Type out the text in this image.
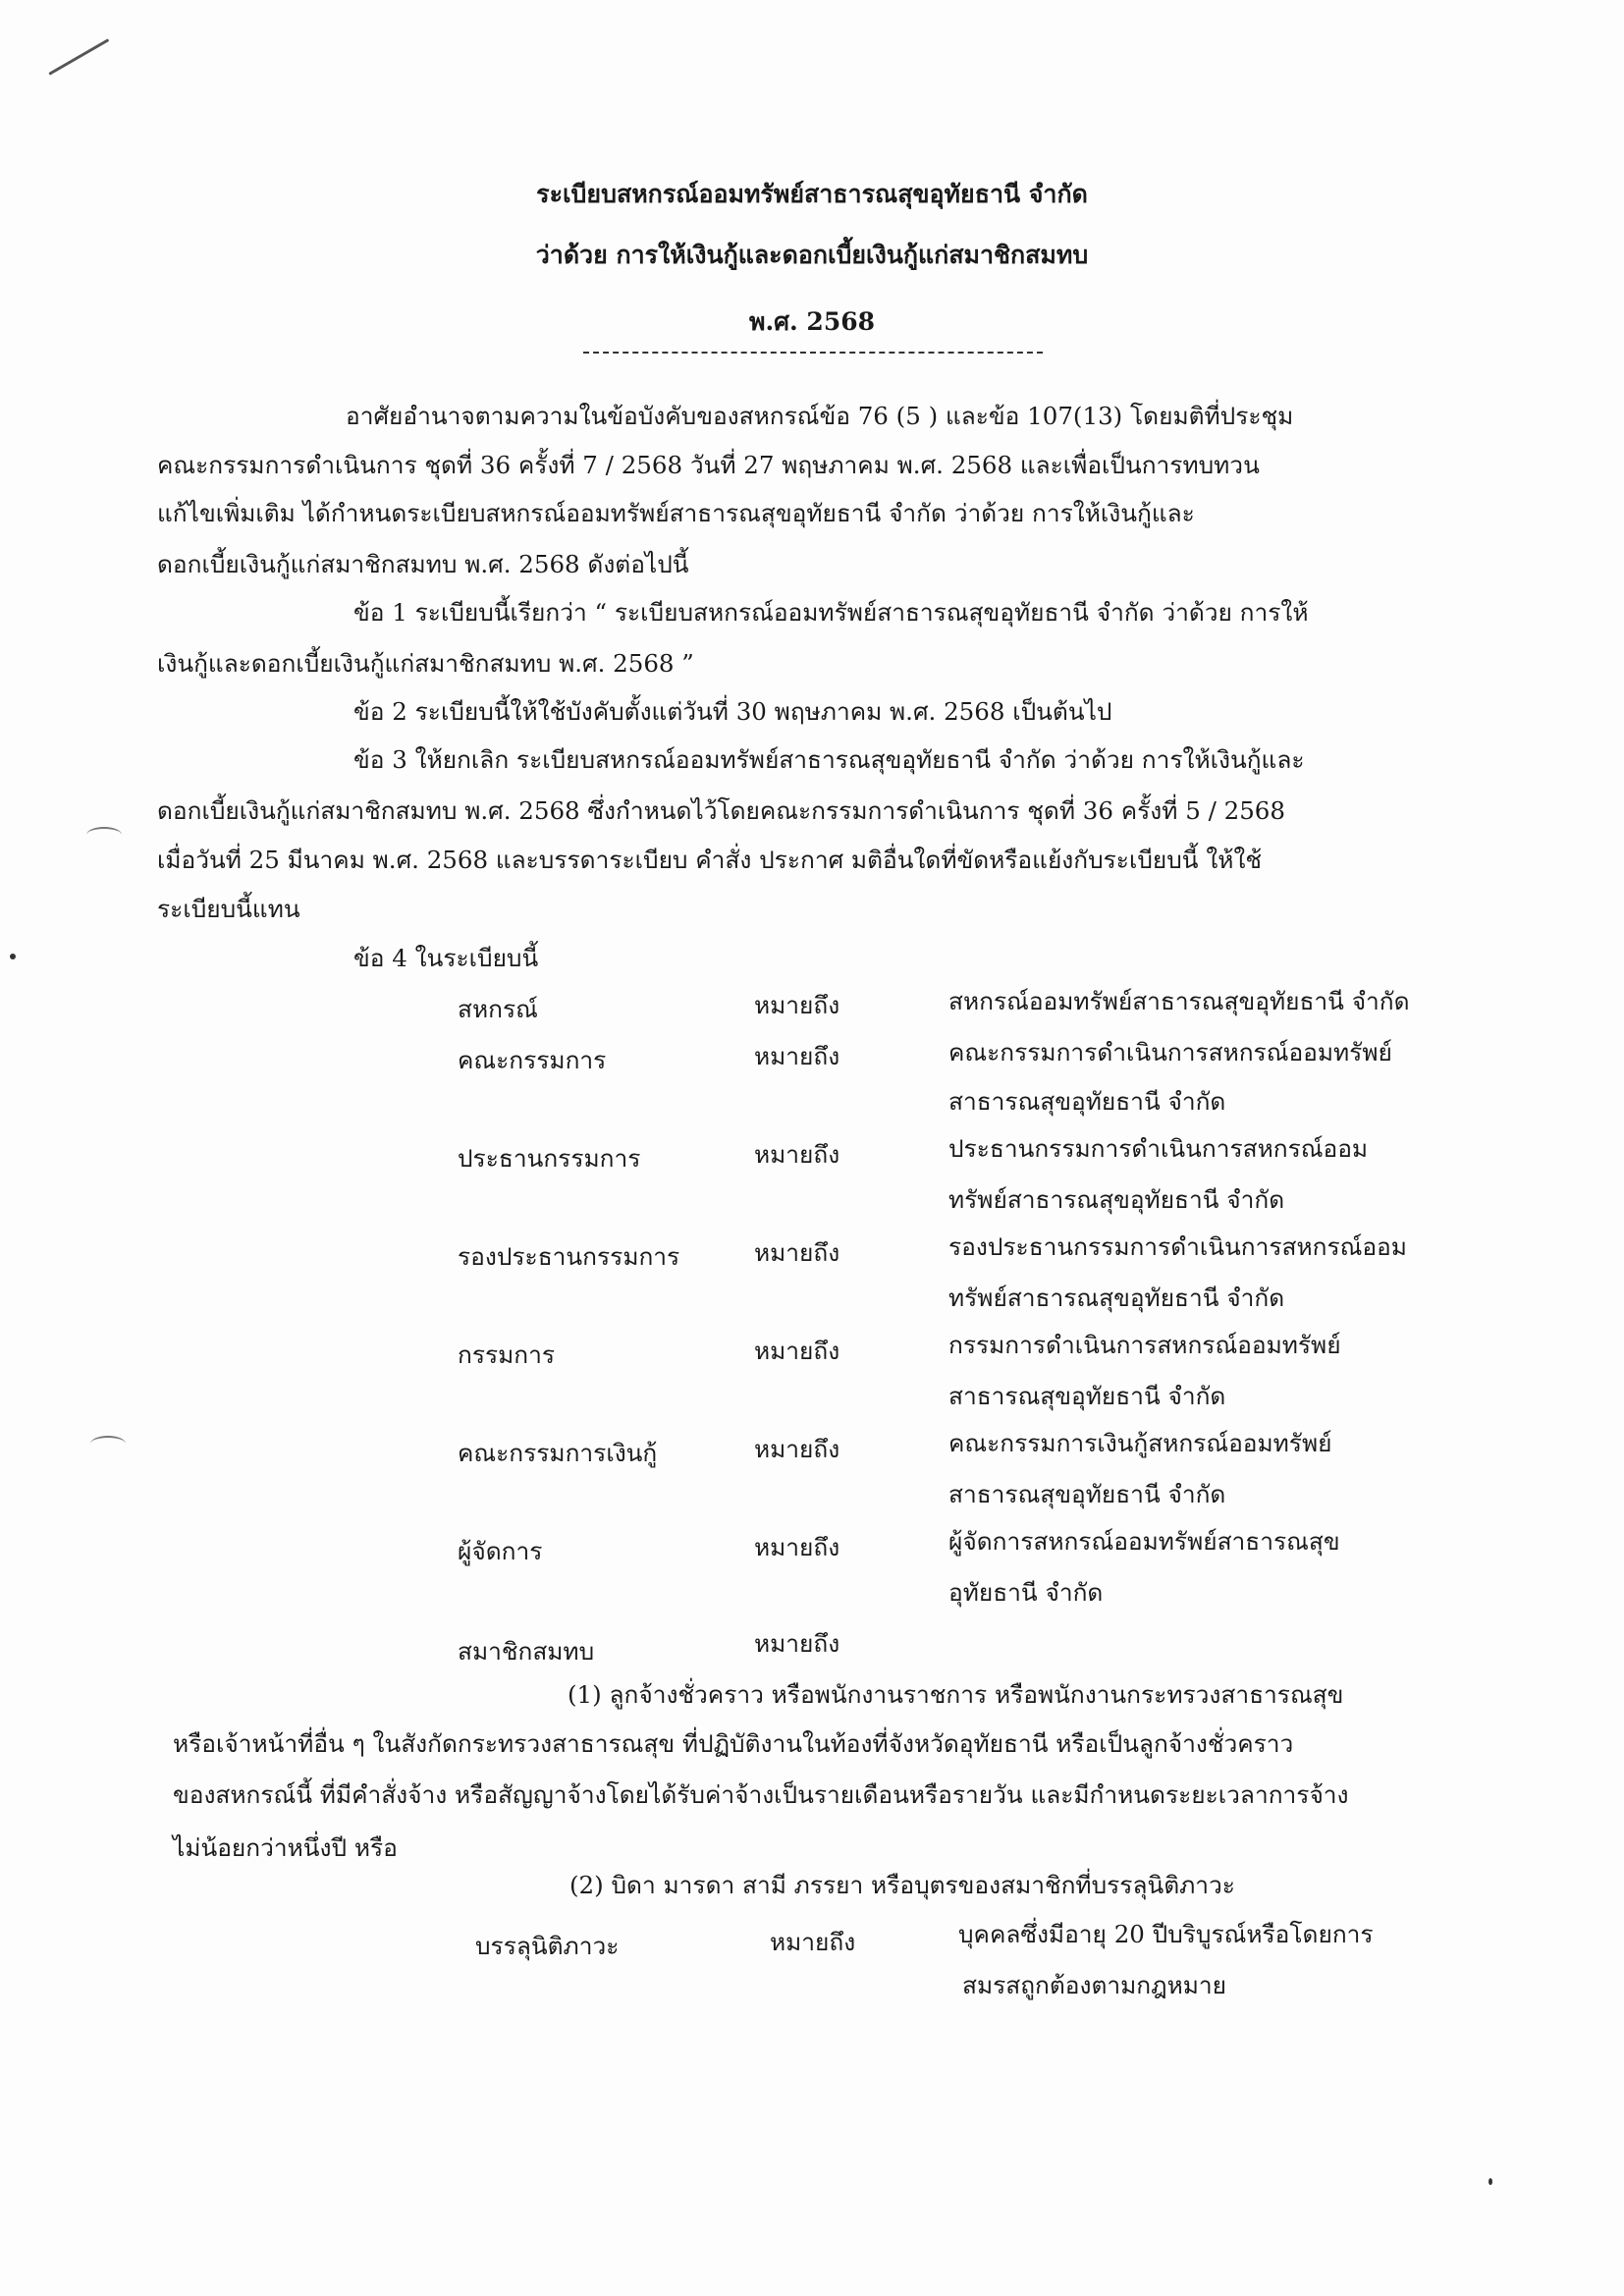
ระเบียบสหกรณ์ออมทรัพย์สาธารณสุขอุทัยธานี จำกัด
ว่าด้วย การให้เงินกู้และดอกเบี้ยเงินกู้แก่สมาชิกสมทบ
พ.ศ. 2568
อาศัยอำนาจตามความในข้อบังคับของสหกรณ์ข้อ 76 (5 ) และข้อ 107(13) โดยมติที่ประชุม
คณะกรรมการดำเนินการ ชุดที่ 36 ครั้งที่ 7 / 2568 วันที่ 27 พฤษภาคม พ.ศ. 2568 และเพื่อเป็นการทบทวน
แก้ไขเพิ่มเติม ได้กำหนดระเบียบสหกรณ์ออมทรัพย์สาธารณสุขอุทัยธานี จำกัด ว่าด้วย การให้เงินกู้และ
ดอกเบี้ยเงินกู้แก่สมาชิกสมทบ พ.ศ. 2568 ดังต่อไปนี้
ข้อ 1 ระเบียบนี้เรียกว่า “ ระเบียบสหกรณ์ออมทรัพย์สาธารณสุขอุทัยธานี จำกัด ว่าด้วย การให้
เงินกู้และดอกเบี้ยเงินกู้แก่สมาชิกสมทบ พ.ศ. 2568 ”
ข้อ 2 ระเบียบนี้ให้ใช้บังคับตั้งแต่วันที่ 30 พฤษภาคม พ.ศ. 2568 เป็นต้นไป
ข้อ 3 ให้ยกเลิก ระเบียบสหกรณ์ออมทรัพย์สาธารณสุขอุทัยธานี จำกัด ว่าด้วย การให้เงินกู้และ
ดอกเบี้ยเงินกู้แก่สมาชิกสมทบ พ.ศ. 2568 ซึ่งกำหนดไว้โดยคณะกรรมการดำเนินการ ชุดที่ 36 ครั้งที่ 5 / 2568
เมื่อวันที่ 25 มีนาคม พ.ศ. 2568 และบรรดาระเบียบ คำสั่ง ประกาศ มติอื่นใดที่ขัดหรือแย้งกับระเบียบนี้ ให้ใช้
ระเบียบนี้แทน
ข้อ 4 ในระเบียบนี้
สหกรณ์	หมายถึง	สหกรณ์ออมทรัพย์สาธารณสุขอุทัยธานี จำกัด
คณะกรรมการ	หมายถึง	คณะกรรมการดำเนินการสหกรณ์ออมทรัพย์
สาธารณสุขอุทัยธานี จำกัด
ประธานกรรมการ	หมายถึง	ประธานกรรมการดำเนินการสหกรณ์ออม
ทรัพย์สาธารณสุขอุทัยธานี จำกัด
รองประธานกรรมการ	หมายถึง	รองประธานกรรมการดำเนินการสหกรณ์ออม
ทรัพย์สาธารณสุขอุทัยธานี จำกัด
กรรมการ	หมายถึง	กรรมการดำเนินการสหกรณ์ออมทรัพย์
สาธารณสุขอุทัยธานี จำกัด
คณะกรรมการเงินกู้	หมายถึง	คณะกรรมการเงินกู้สหกรณ์ออมทรัพย์
สาธารณสุขอุทัยธานี จำกัด
ผู้จัดการ	หมายถึง	ผู้จัดการสหกรณ์ออมทรัพย์สาธารณสุข
อุทัยธานี จำกัด
สมาชิกสมทบ	หมายถึง
(1) ลูกจ้างชั่วคราว หรือพนักงานราชการ หรือพนักงานกระทรวงสาธารณสุข
หรือเจ้าหน้าที่อื่น ๆ ในสังกัดกระทรวงสาธารณสุข ที่ปฏิบัติงานในท้องที่จังหวัดอุทัยธานี หรือเป็นลูกจ้างชั่วคราว
ของสหกรณ์นี้ ที่มีคำสั่งจ้าง หรือสัญญาจ้างโดยได้รับค่าจ้างเป็นรายเดือนหรือรายวัน และมีกำหนดระยะเวลาการจ้าง
ไม่น้อยกว่าหนึ่งปี หรือ
(2) บิดา มารดา สามี ภรรยา หรือบุตรของสมาชิกที่บรรลุนิติภาวะ
บรรลุนิติภาวะ	หมายถึง	บุคคลซึ่งมีอายุ 20 ปีบริบูรณ์หรือโดยการ
สมรสถูกต้องตามกฎหมาย
